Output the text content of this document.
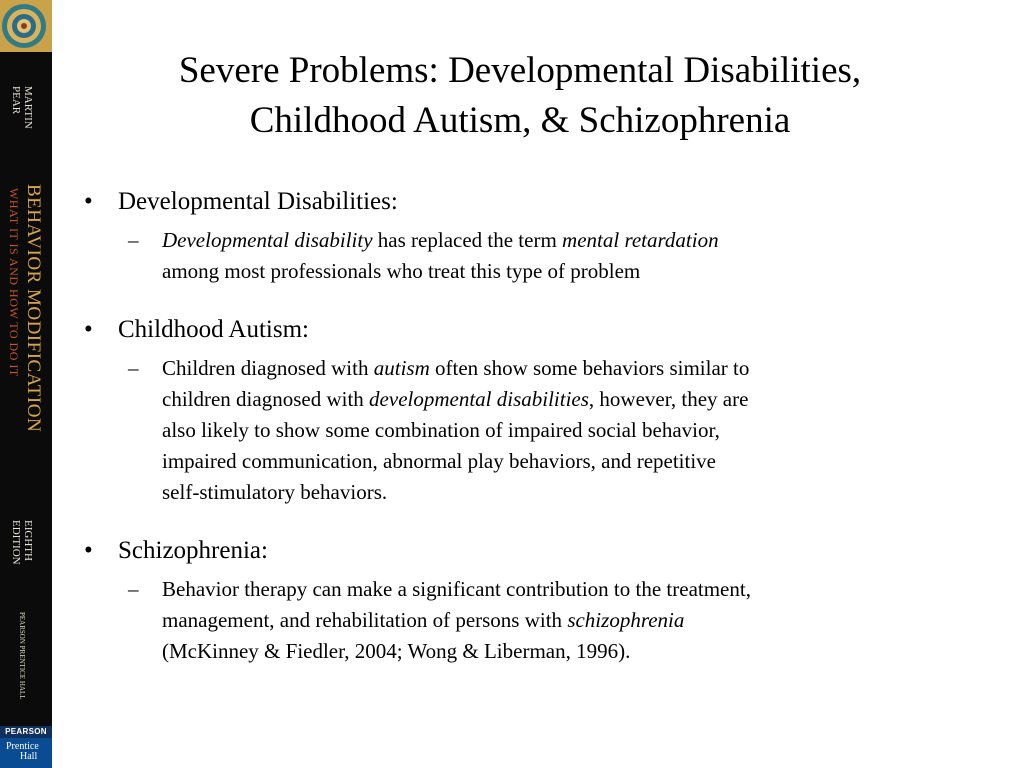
MARTIN
PEAR
BEHAVIOR MODIFICATION
WHAT IT IS AND HOW TO DO IT
EIGHTH
EDITION
PEARSON PRENTICE HALL
PEARSON
Prentice
Hall
Severe Problems: Developmental Disabilities,
Childhood Autism, & Schizophrenia
• Developmental Disabilities:
– Developmental disability has replaced the term mental retardation
among most professionals who treat this type of problem
• Childhood Autism:
– Children diagnosed with autism often show some behaviors similar to
children diagnosed with developmental disabilities, however, they are
also likely to show some combination of impaired social behavior,
impaired communication, abnormal play behaviors, and repetitive
self-stimulatory behaviors.
• Schizophrenia:
– Behavior therapy can make a significant contribution to the treatment,
management, and rehabilitation of persons with schizophrenia
(McKinney & Fiedler, 2004; Wong & Liberman, 1996).
